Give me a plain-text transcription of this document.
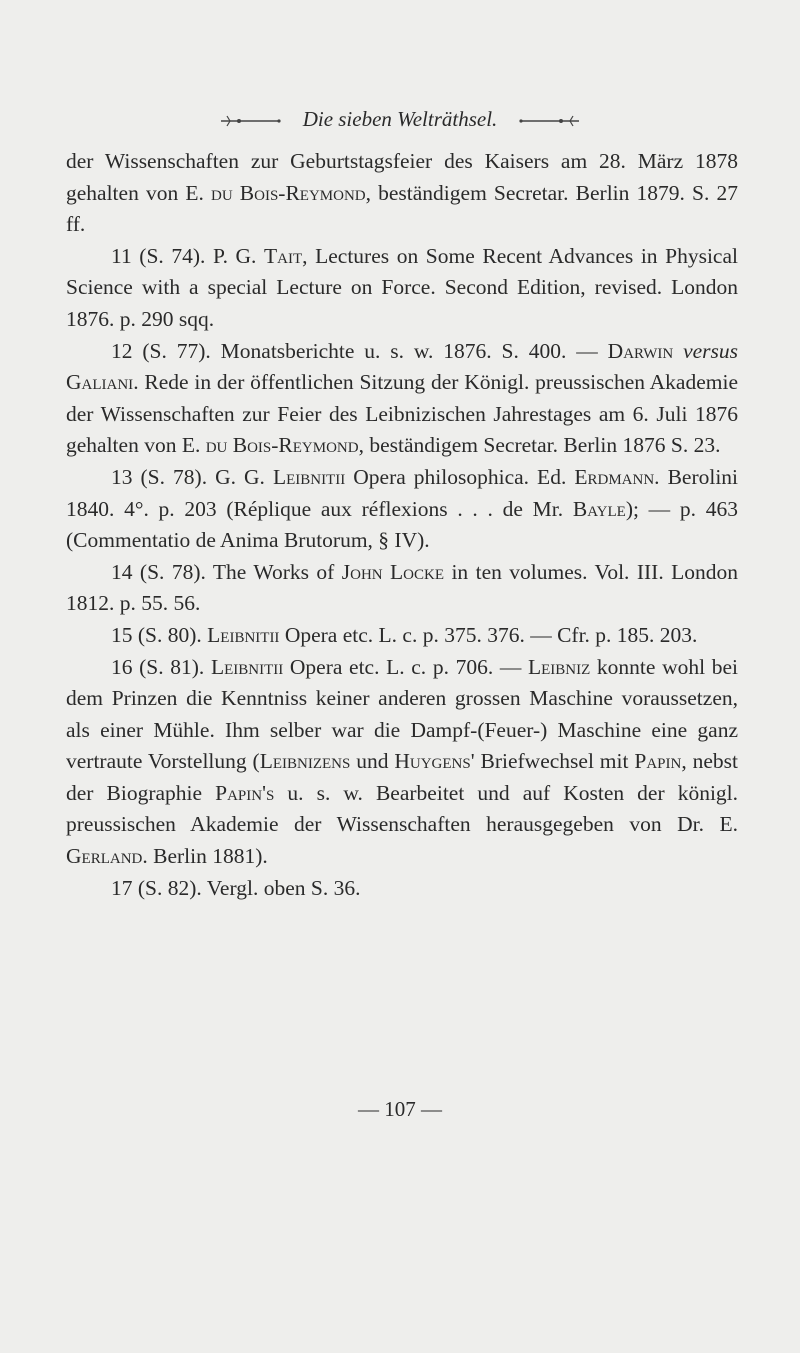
Die sieben Welträthsel.

der Wissenschaften zur Geburtstagsfeier des Kaisers am 28. März 1878 gehalten von E. du Bois-Reymond, beständigem Secretar. Berlin 1879. S. 27 ff.

11 (S. 74). P. G. Tait, Lectures on Some Recent Advances in Physical Science with a special Lecture on Force. Second Edition, revised. London 1876. p. 290 sqq.

12 (S. 77). Monatsberichte u. s. w. 1876. S. 400. — Darwin versus Galiani. Rede in der öffentlichen Sitzung der Königl. preussischen Akademie der Wissenschaften zur Feier des Leibnizischen Jahrestages am 6. Juli 1876 gehalten von E. du Bois-Reymond, beständigem Secretar. Berlin 1876 S. 23.

13 (S. 78). G. G. Leibnitii Opera philosophica. Ed. Erdmann. Berolini 1840. 4°. p. 203 (Réplique aux réflexions . . . de Mr. Bayle); — p. 463 (Commentatio de Anima Brutorum, § IV).

14 (S. 78). The Works of John Locke in ten volumes. Vol. III. London 1812. p. 55. 56.

15 (S. 80). Leibnitii Opera etc. L. c. p. 375. 376. — Cfr. p. 185. 203.

16 (S. 81). Leibnitii Opera etc. L. c. p. 706. — Leibniz konnte wohl bei dem Prinzen die Kenntniss keiner anderen grossen Maschine voraussetzen, als einer Mühle. Ihm selber war die Dampf-(Feuer-) Maschine eine ganz vertraute Vorstellung (Leibnizens und Huygens' Briefwechsel mit Papin, nebst der Biographie Papin's u. s. w. Bearbeitet und auf Kosten der königl. preussischen Akademie der Wissenschaften herausgegeben von Dr. E. Gerland. Berlin 1881).

17 (S. 82). Vergl. oben S. 36.

— 107 —
